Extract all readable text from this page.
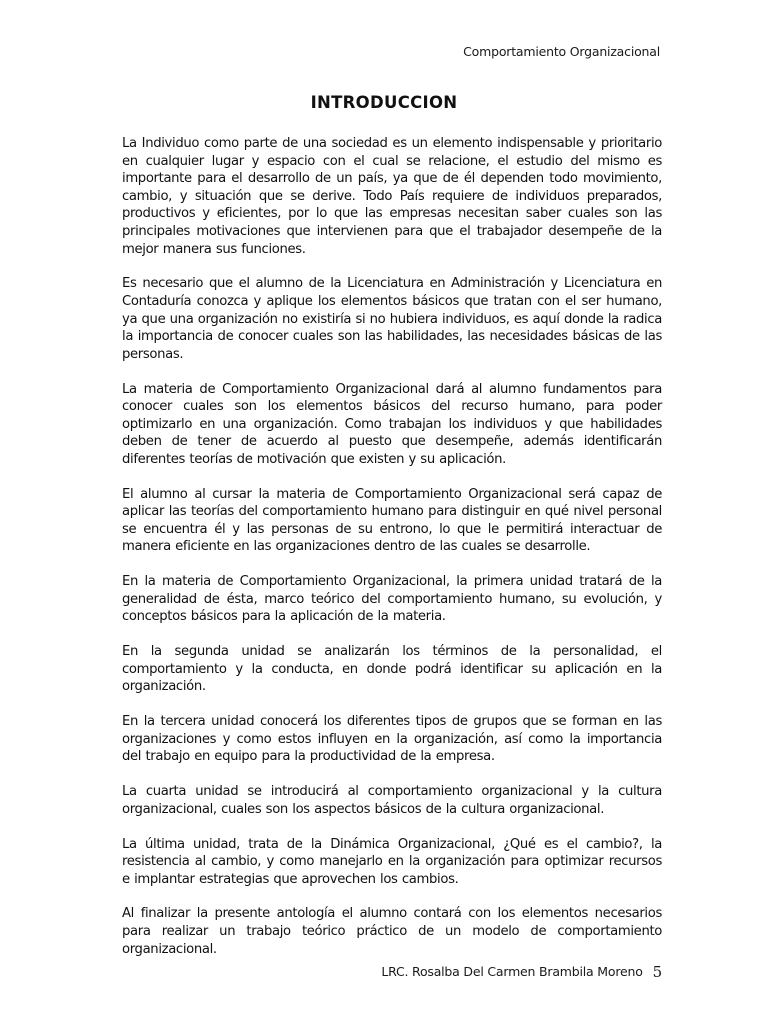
Comportamiento Organizacional
INTRODUCCION

La Individuo como parte de una sociedad es un elemento indispensable y prioritario en cualquier lugar y espacio con el cual se relacione, el estudio del mismo es importante para el desarrollo de un país, ya que de él dependen todo movimiento, cambio, y situación que se derive. Todo País requiere de individuos preparados, productivos y eficientes, por lo que las empresas necesitan saber cuales son las principales motivaciones que intervienen para que el trabajador desempeñe de la mejor manera sus funciones.

Es necesario que el alumno de la Licenciatura en Administración y Licenciatura en Contaduría conozca y aplique los elementos básicos que tratan con el ser humano, ya que una organización no existiría si no hubiera individuos, es aquí donde la radica la importancia de conocer cuales son las habilidades, las necesidades básicas de las personas.

La materia de Comportamiento Organizacional dará al alumno fundamentos para conocer cuales son los elementos básicos del recurso humano, para poder optimizarlo en una organización. Como trabajan los individuos y que habilidades deben de tener de acuerdo al puesto que desempeñe, además identificarán diferentes teorías de motivación que existen y su aplicación.

El alumno al cursar la materia de Comportamiento Organizacional será capaz de aplicar las teorías del comportamiento humano para distinguir en qué nivel personal se encuentra él y las personas de su entrono, lo que le permitirá interactuar de manera eficiente en las organizaciones dentro de las cuales se desarrolle.

En la materia de Comportamiento Organizacional, la primera unidad tratará de la generalidad de ésta, marco teórico del comportamiento humano, su evolución, y conceptos básicos para la aplicación de la materia.

En la segunda unidad se analizarán los términos de la personalidad, el comportamiento y la conducta, en donde podrá identificar su aplicación en la organización.

En la tercera unidad conocerá los diferentes tipos de grupos que se forman en las organizaciones y como estos influyen en la organización, así como la importancia del trabajo en equipo para la productividad de la empresa.

La cuarta unidad se introducirá al comportamiento organizacional y la cultura organizacional, cuales son los aspectos básicos de la cultura organizacional.

La última unidad, trata de la Dinámica Organizacional, ¿Qué es el cambio?, la resistencia al cambio, y como manejarlo en la organización para optimizar recursos e implantar estrategias que aprovechen los cambios.

Al finalizar la presente antología el alumno contará con los elementos necesarios para realizar un trabajo teórico práctico de un modelo de comportamiento organizacional.

LRC. Rosalba Del Carmen Brambila Moreno 5
